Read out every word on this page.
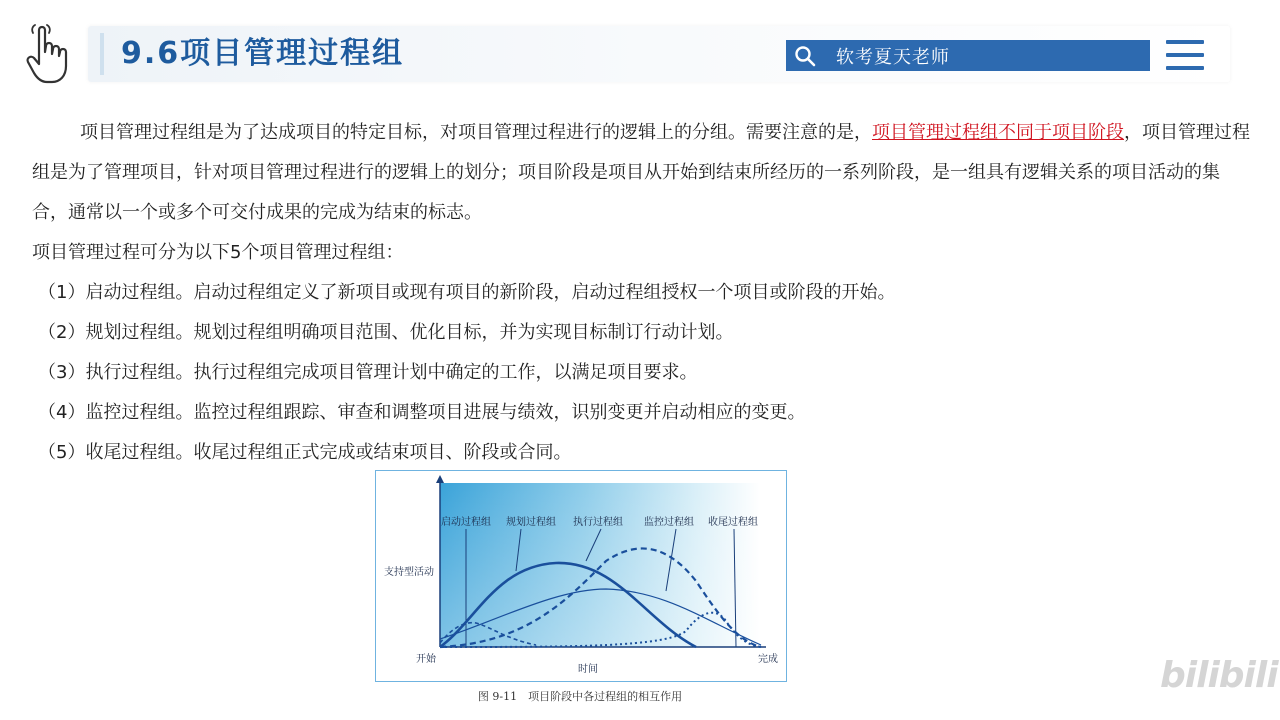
9.6项目管理过程组	软考夏天老师

项目管理过程组是为了达成项目的特定目标，对项目管理过程进行的逻辑上的分组。需要注意的是，项目管理过程组不同于项目阶段，项目管理过程组是为了管理项目，针对项目管理过程进行的逻辑上的划分；项目阶段是项目从开始到结束所经历的一系列阶段，是一组具有逻辑关系的项目活动的集合，通常以一个或多个可交付成果的完成为结束的标志。

项目管理过程可分为以下5个项目管理过程组：

（1）启动过程组。启动过程组定义了新项目或现有项目的新阶段，启动过程组授权一个项目或阶段的开始。

（2）规划过程组。规划过程组明确项目范围、优化目标，并为实现目标制订行动计划。

（3）执行过程组。执行过程组完成项目管理计划中确定的工作，以满足项目要求。

（4）监控过程组。监控过程组跟踪、审查和调整项目进展与绩效，识别变更并启动相应的变更。

（5）收尾过程组。收尾过程组正式完成或结束项目、阶段或合同。

启动过程组 规划过程组 执行过程组 监控过程组 收尾过程组
支持型活动
开始
时间
完成
图 9-11　项目阶段中各过程组的相互作用
bilibili
